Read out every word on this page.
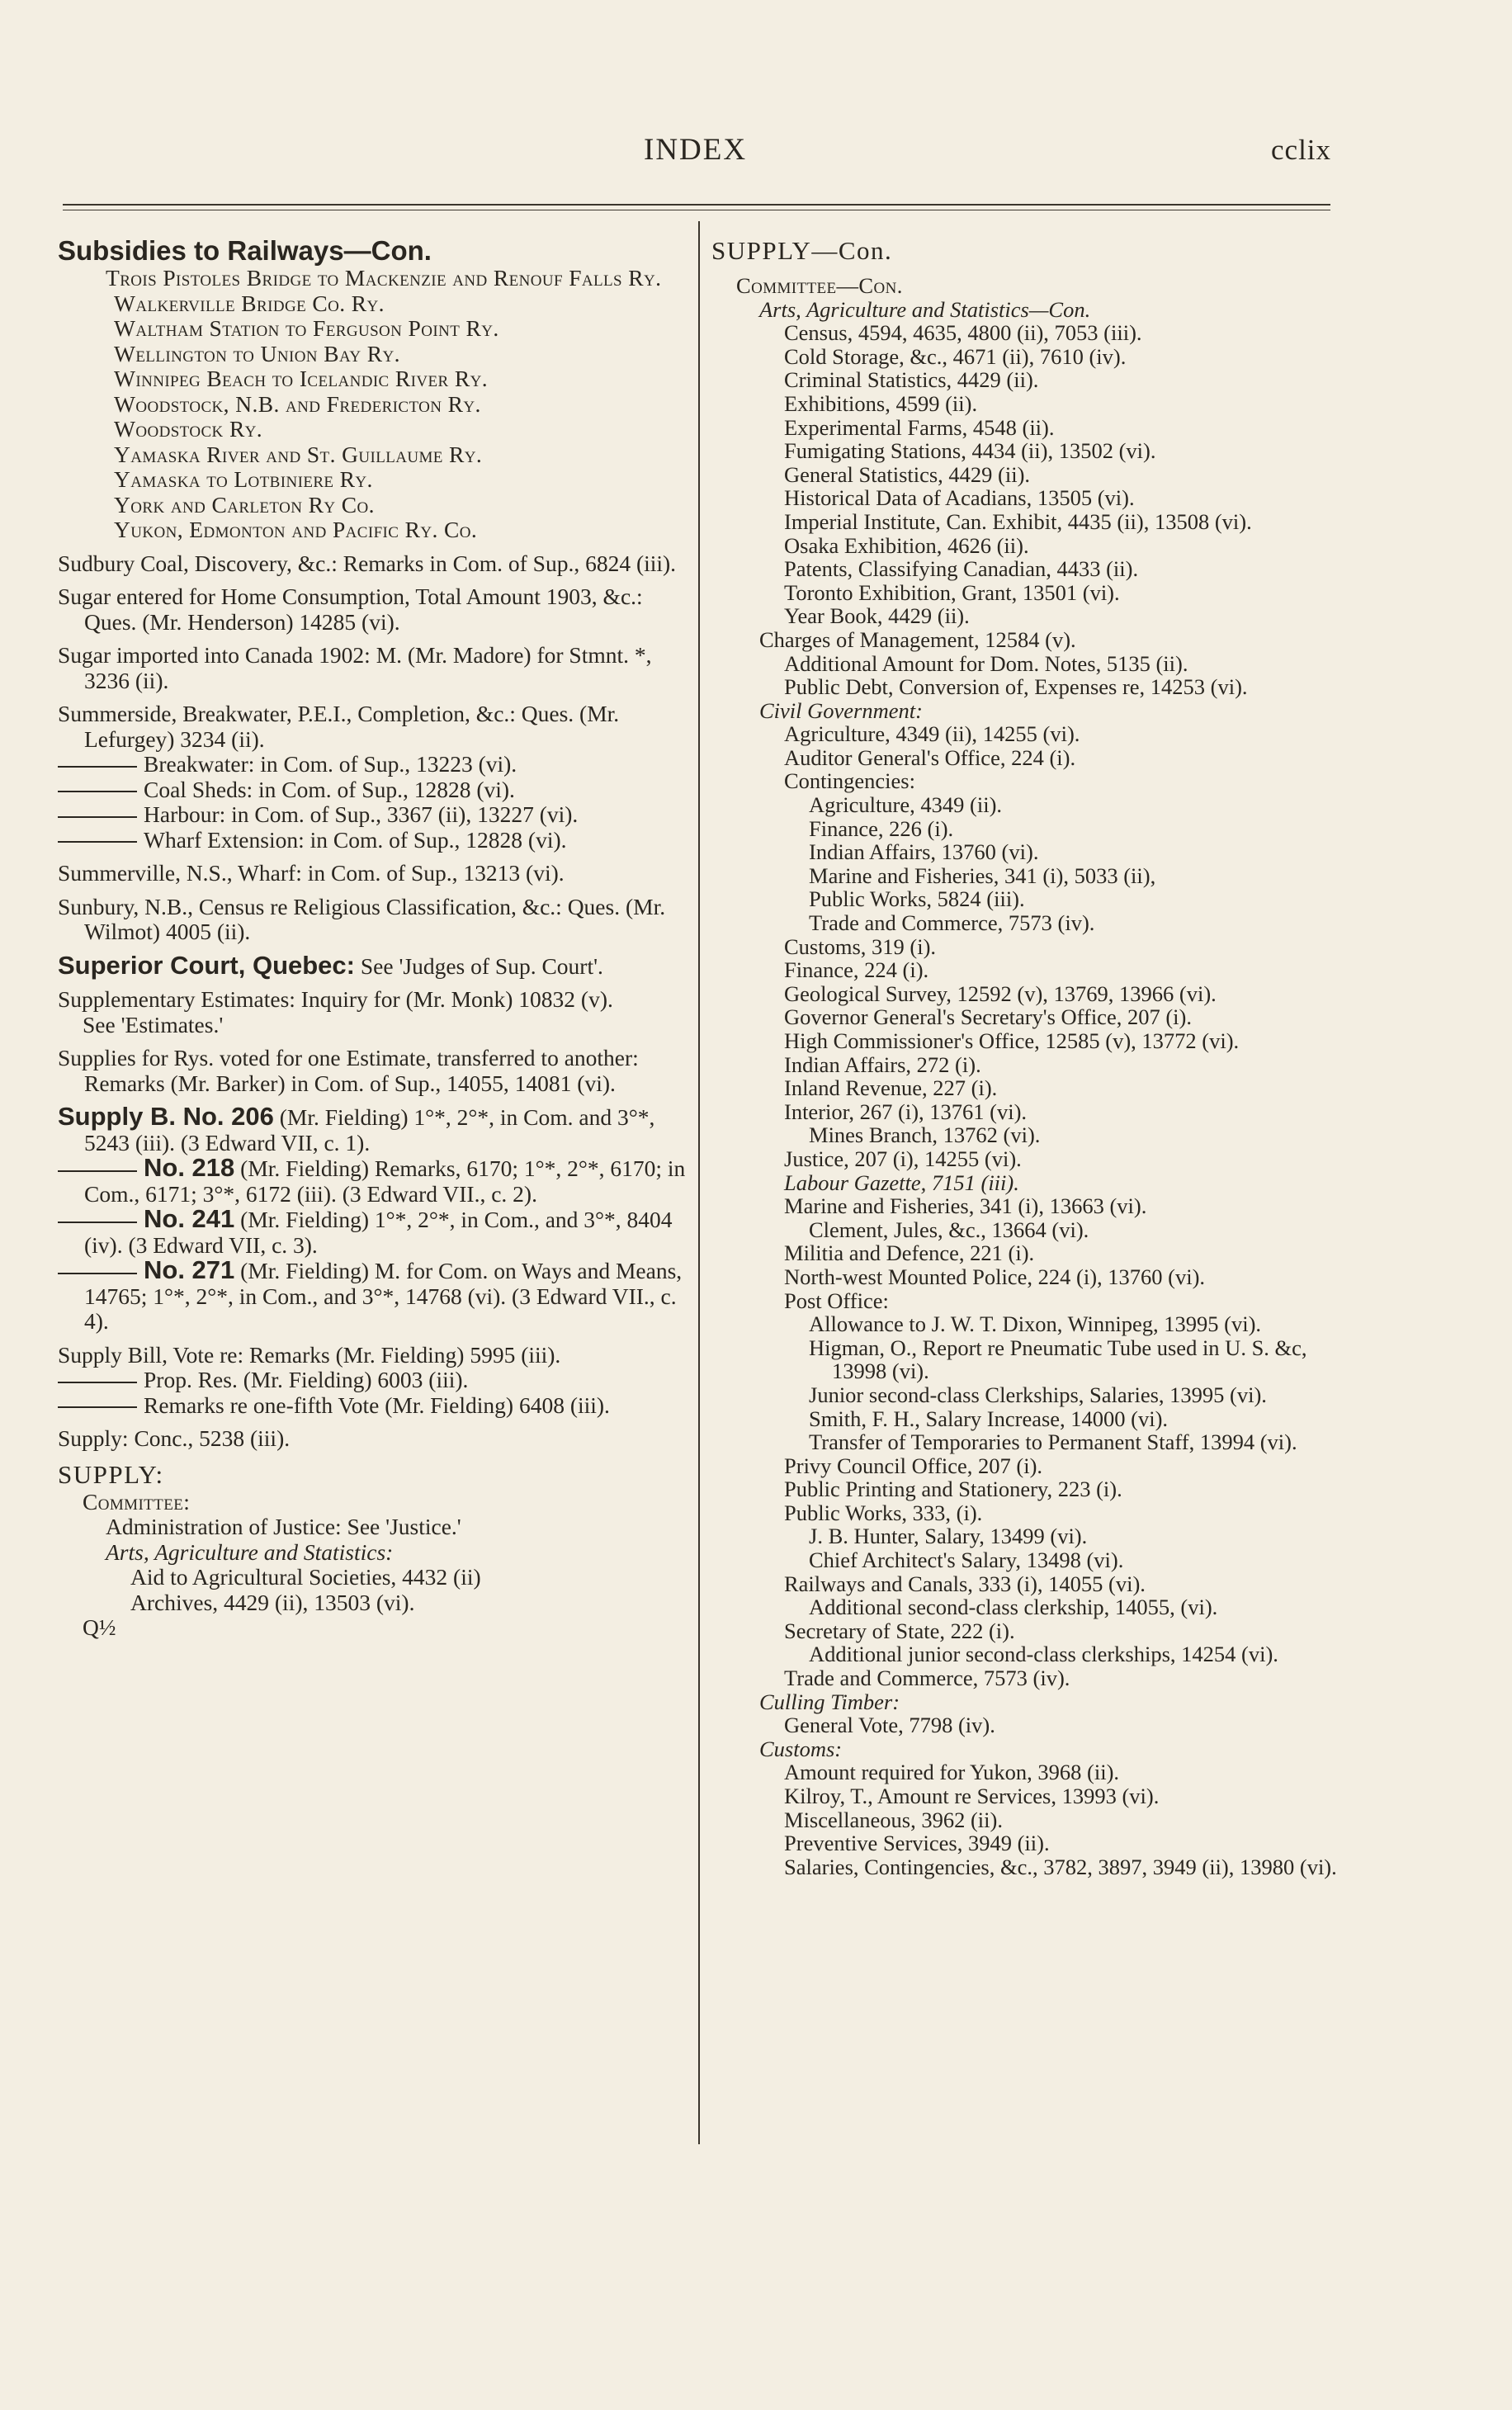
INDEX	cclix

Subsidies to Railways—Con.

Trois Pistoles Bridge to Mackenzie and Renouf Falls Ry.

Walkerville Bridge Co. Ry.

Waltham Station to Ferguson Point Ry.

Wellington to Union Bay Ry.

Winnipeg Beach to Icelandic River Ry.

Woodstock, N.B. and Fredericton Ry.

Woodstock Ry.

Yamaska River and St. Guillaume Ry.

Yamaska to Lotbiniere Ry.

York and Carleton Ry Co.

Yukon, Edmonton and Pacific Ry. Co.

Sudbury Coal, Discovery, &c.: Remarks in Com. of Sup., 6824 (iii).

Sugar entered for Home Consumption, Total Amount 1903, &c.: Ques. (Mr. Henderson) 14285 (vi).

Sugar imported into Canada 1902: M. (Mr. Madore) for Stmnt. *, 3236 (ii).

Summerside, Breakwater, P.E.I., Completion, &c.: Ques. (Mr. Lefurgey) 3234 (ii).

Breakwater: in Com. of Sup., 13223 (vi).

Coal Sheds: in Com. of Sup., 12828 (vi).

Harbour: in Com. of Sup., 3367 (ii), 13227 (vi).

Wharf Extension: in Com. of Sup., 12828 (vi).

Summerville, N.S., Wharf: in Com. of Sup., 13213 (vi).

Sunbury, N.B., Census re Religious Classification, &c.: Ques. (Mr. Wilmot) 4005 (ii).

Superior Court, Quebec: See 'Judges of Sup. Court'.

Supplementary Estimates: Inquiry for (Mr. Monk) 10832 (v).

See 'Estimates.'

Supplies for Rys. voted for one Estimate, transferred to another: Remarks (Mr. Barker) in Com. of Sup., 14055, 14081 (vi).

Supply B. No. 206 (Mr. Fielding) 1°*, 2°*, in Com. and 3°*, 5243 (iii). (3 Edward VII, c. 1).

No. 218 (Mr. Fielding) Remarks, 6170; 1°*, 2°*, 6170; in Com., 6171; 3°*, 6172 (iii). (3 Edward VII., c. 2).

No. 241 (Mr. Fielding) 1°*, 2°*, in Com., and 3°*, 8404 (iv). (3 Edward VII, c. 3).

No. 271 (Mr. Fielding) M. for Com. on Ways and Means, 14765; 1°*, 2°*, in Com., and 3°*, 14768 (vi). (3 Edward VII., c. 4).

Supply Bill, Vote re: Remarks (Mr. Fielding) 5995 (iii).

Prop. Res. (Mr. Fielding) 6003 (iii).

Remarks re one-fifth Vote (Mr. Fielding) 6408 (iii).

Supply: Conc., 5238 (iii).

SUPPLY:

Committee:

Administration of Justice: See 'Justice.'

Arts, Agriculture and Statistics:

Aid to Agricultural Societies, 4432 (ii)

Archives, 4429 (ii), 13503 (vi).

Q½

SUPPLY—Con.

Committee—Con.

Arts, Agriculture and Statistics—Con.

Census, 4594, 4635, 4800 (ii), 7053 (iii).

Cold Storage, &c., 4671 (ii), 7610 (iv).

Criminal Statistics, 4429 (ii).

Exhibitions, 4599 (ii).

Experimental Farms, 4548 (ii).

Fumigating Stations, 4434 (ii), 13502 (vi).

General Statistics, 4429 (ii).

Historical Data of Acadians, 13505 (vi).

Imperial Institute, Can. Exhibit, 4435 (ii), 13508 (vi).

Osaka Exhibition, 4626 (ii).

Patents, Classifying Canadian, 4433 (ii).

Toronto Exhibition, Grant, 13501 (vi).

Year Book, 4429 (ii).

Charges of Management, 12584 (v).

Additional Amount for Dom. Notes, 5135 (ii).

Public Debt, Conversion of, Expenses re, 14253 (vi).

Civil Government:

Agriculture, 4349 (ii), 14255 (vi).

Auditor General's Office, 224 (i).

Contingencies:

Agriculture, 4349 (ii).

Finance, 226 (i).

Indian Affairs, 13760 (vi).

Marine and Fisheries, 341 (i), 5033 (ii),

Public Works, 5824 (iii).

Trade and Commerce, 7573 (iv).

Customs, 319 (i).

Finance, 224 (i).

Geological Survey, 12592 (v), 13769, 13966 (vi).

Governor General's Secretary's Office, 207 (i).

High Commissioner's Office, 12585 (v), 13772 (vi).

Indian Affairs, 272 (i).

Inland Revenue, 227 (i).

Interior, 267 (i), 13761 (vi).

Mines Branch, 13762 (vi).

Justice, 207 (i), 14255 (vi).

Labour Gazette, 7151 (iii).

Marine and Fisheries, 341 (i), 13663 (vi).

Clement, Jules, &c., 13664 (vi).

Militia and Defence, 221 (i).

North-west Mounted Police, 224 (i), 13760 (vi).

Post Office:

Allowance to J. W. T. Dixon, Winnipeg, 13995 (vi).

Higman, O., Report re Pneumatic Tube used in U. S. &c, 13998 (vi).

Junior second-class Clerkships, Salaries, 13995 (vi).

Smith, F. H., Salary Increase, 14000 (vi).

Transfer of Temporaries to Permanent Staff, 13994 (vi).

Privy Council Office, 207 (i).

Public Printing and Stationery, 223 (i).

Public Works, 333, (i).

J. B. Hunter, Salary, 13499 (vi).

Chief Architect's Salary, 13498 (vi).

Railways and Canals, 333 (i), 14055 (vi).

Additional second-class clerkship, 14055, (vi).

Secretary of State, 222 (i).

Additional junior second-class clerkships, 14254 (vi).

Trade and Commerce, 7573 (iv).

Culling Timber:

General Vote, 7798 (iv).

Customs:

Amount required for Yukon, 3968 (ii).

Kilroy, T., Amount re Services, 13993 (vi).

Miscellaneous, 3962 (ii).

Preventive Services, 3949 (ii).

Salaries, Contingencies, &c., 3782, 3897, 3949 (ii), 13980 (vi).
